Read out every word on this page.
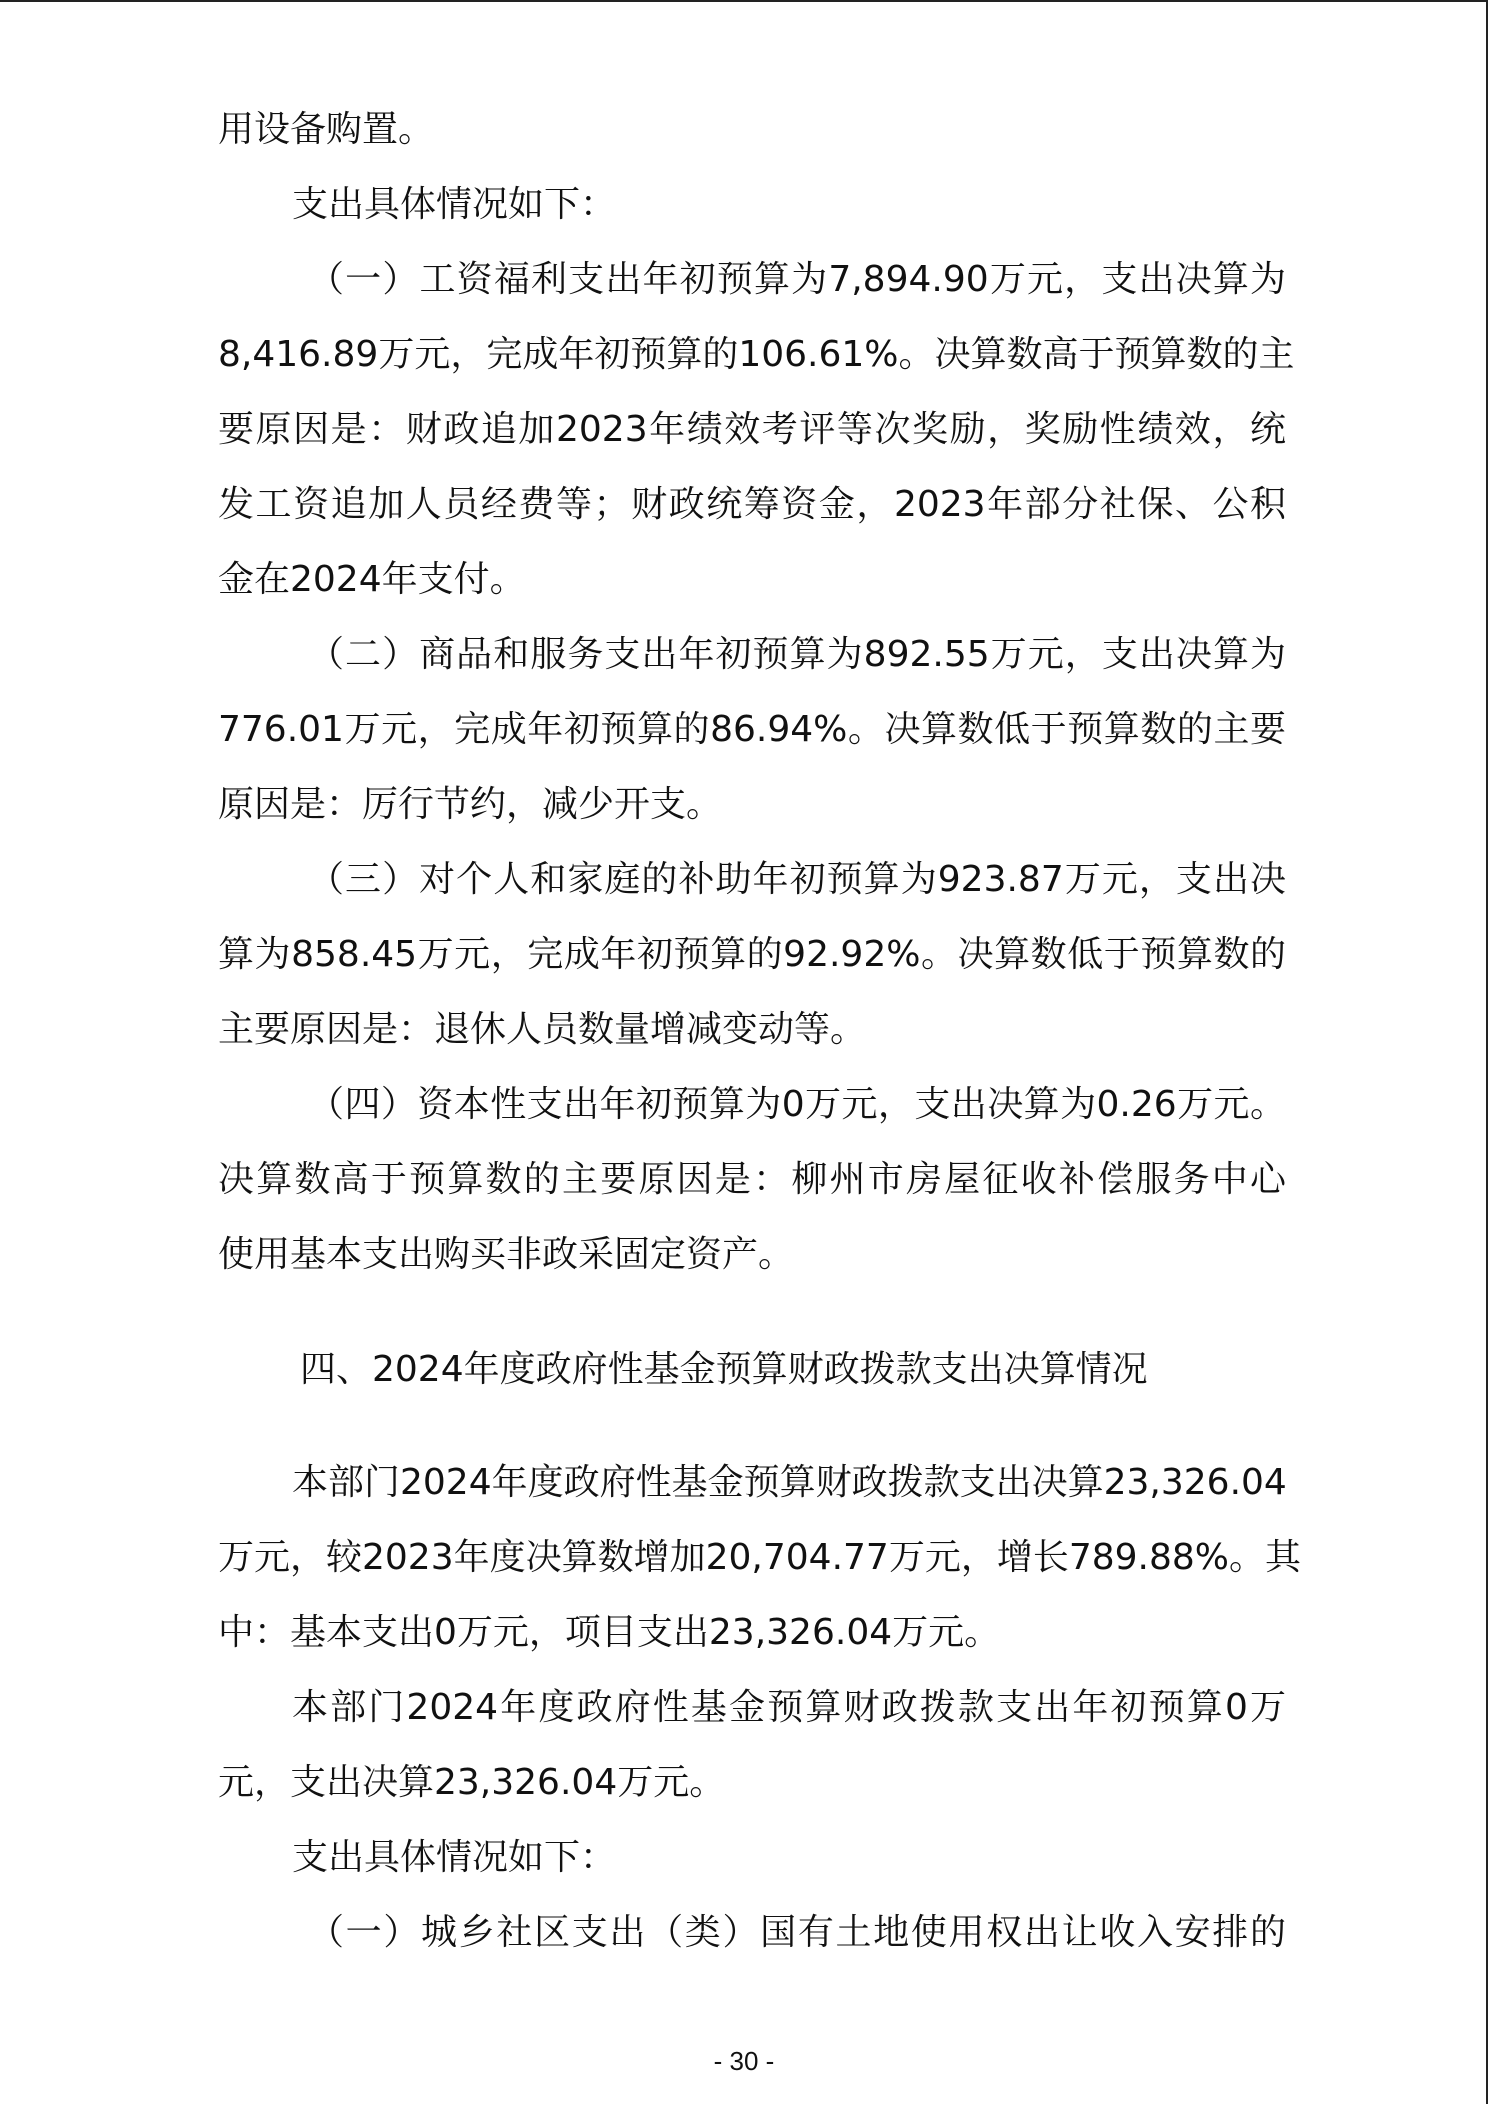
用设备购置。
支出具体情况如下：
（一）工资福利支出年初预算为7,894.90万元，支出决算为
8,416.89万元，完成年初预算的106.61%。决算数高于预算数的主
要原因是：财政追加2023年绩效考评等次奖励，奖励性绩效，统
发工资追加人员经费等；财政统筹资金，2023年部分社保、公积
金在2024年支付。
（二）商品和服务支出年初预算为892.55万元，支出决算为
776.01万元，完成年初预算的86.94%。决算数低于预算数的主要
原因是：厉行节约，减少开支。
（三）对个人和家庭的补助年初预算为923.87万元，支出决
算为858.45万元，完成年初预算的92.92%。决算数低于预算数的
主要原因是：退休人员数量增减变动等。
（四）资本性支出年初预算为0万元，支出决算为0.26万元。
决算数高于预算数的主要原因是：柳州市房屋征收补偿服务中心
使用基本支出购买非政采固定资产。
四、2024年度政府性基金预算财政拨款支出决算情况
本部门2024年度政府性基金预算财政拨款支出决算23,326.04
万元，较2023年度决算数增加20,704.77万元，增长789.88%。其
中：基本支出0万元，项目支出23,326.04万元。
本部门2024年度政府性基金预算财政拨款支出年初预算0万
元，支出决算23,326.04万元。
支出具体情况如下：
（一）城乡社区支出（类）国有土地使用权出让收入安排的
- 30 -
